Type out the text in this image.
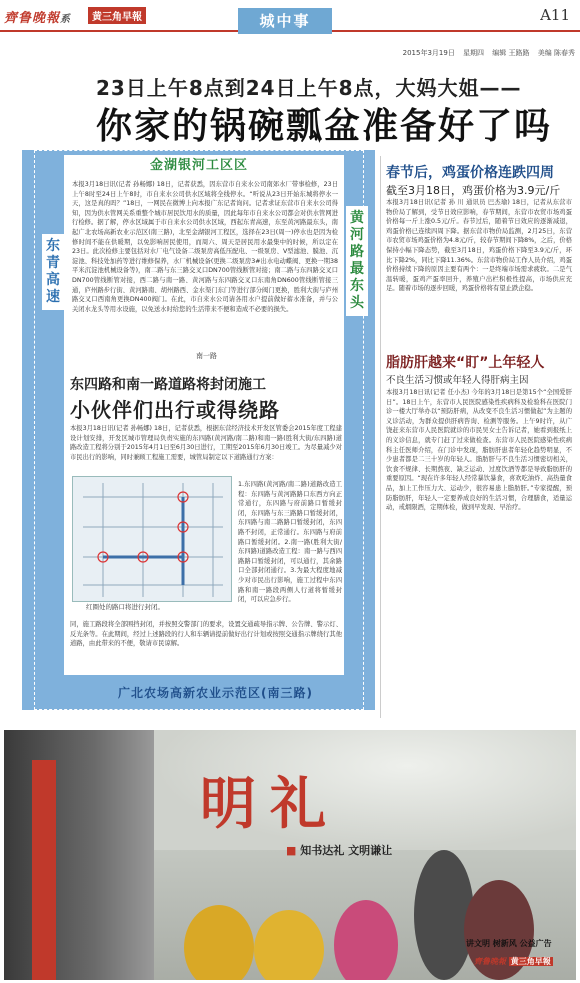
齊鲁晚報系	黄三角早報	A11
城中事
2015年3月19日 星期四 编辑 王路路 美编 陈春秀
23日上午8点到24日上午8点，大妈大姐——
你家的锅碗瓢盆准备好了吗
金湖银河工区区
东青高速
黄河路最东头
本报3月18日讯(记者 孙畅娜) 18日，记者获悉，因东营市自来水公司南郊水厂带事检修，23日上午8时至24日上午8时，市自来水公司供水区域将全线停水。“听说从23日开始东城将停水一天，这是真的吗？”18日，一网民在微博上向本报广东记者询问。记者求证东营市自来水公司得知，因为供水管网关系重整个城市居民饮用水的质量，因此每年市自来水公司都会对供水管网进行检修。据了解，停水区域属于市自来水公司供水区域，西起东青高速，东至黄河路最东头，南起广北农场高新农业示范区(南三路)，北至金湖银河工程区，选择在23日(周一)停水也是因为检修时间不能在供暖期，以免影响居民使用，而周六、周天是居民用水最集中的时候，所以定在23日。此次检修主要包括对水厂电气设备二级泵房高低压配电、一级泵房、V型滤池、膜池、沉淀池、科技处加药等进行维修保养，水厂机械设备(更换二级泵房3#出水电动蝶阀、更换一期38平米沉淀池机械设备等)，南二路与东三路交叉口DN700管线断管对接；南二路与东四路交叉口DN700管线断管对接，西二路与南一路、黄河路与东四路交叉口东南角DN600管线断管接三通，庐州路步行街、黄河路南、胡州路西、金水渠门东门等进行部分阀门更换，胜利大街与庐州路交叉口西南角更换DN400阀门。在此，市自来水公司请各用水户提前做好蓄水准备，并与公关闭水龙头等用水设施，以免送水时给您的生活带来不便和造成不必要的损失。
南一路
东四路和南一路道路将封闭施工
小伙伴们出行或得绕路
本报3月18日讯(记者 孙畅娜) 18日，记者获悉，根据东营经济技术开发区管委会2015年度工程建设计划安排，开发区城市管理局负责实施的东四路(黄河路/南二路)和南一路(胜利大街/东四路)道路改造工程将分别于2015年4月1日至6月30日进行，工期至2015年6月30日竣工。为尽量减少对市民出行的影响，同时兼顾工程施工需要，城管局制定以下道路通行方案：
红圈处的路口将进行封闭。
1.东四路(黄河路/南二路)道路改造工程：东四路与黄河路路口东西方向正常通行，东四路与府前路口暂缓封闭，东四路与东三路路口暂缓封闭，东四路与南二路路口暂缓封闭，东四路不封闭，正常通行。东四路与府前路口暂缓封闭。2.南一路(胜利大街/东四路)道路改造工程：南一路与西四路路口暂缓封闭，可以通行，其余路口全部封闭通行。3.为最大程度地减少对市民出行影响，施工过程中东四路和南一路段两侧人行道将暂缓封闭，可以应急步行。
同，施工路段将全部围挡封闭，并按照交警部门的要求，设置交通疏导指示牌、公告牌、警示灯、反光条等。在此期间，经过上述路段的行人和车辆请提前做好出行计划或按照交通指示牌绕行其他道路，由此带来的不便，敬请市民谅解。
广北农场高新农业示范区(南三路)
春节后，鸡蛋价格连跌四周
截至3月18日，鸡蛋价格为3.9元/斤
本报3月18日讯(记者 孙 川 通讯员 巴杰瑜) 18日，记者从东营市物价局了解到，受节日效应影响，春节期间，东营市农贸市场鸡蛋价格每一斤上涨0.5元/斤。春节过后，随着节日效应的逐渐减退，鸡蛋价格已连续四周下降。据东营市物价局监测，2月25日，东营市农贸市场鸡蛋价格为4.8元/斤，较春节期间下降8%，之后，价格保持小幅下降态势，截至3月18日，鸡蛋价格下降至3.9元/斤，环比下降2%，同比下降11.36%。东营市物价局工作人员介绍，鸡蛋价格持续下降的原因主要有两个：一是终端市场需求疲软。二是气温转暖，蛋鸡产蛋率回升，养殖户出栏积极性提高，市场供应充足。随着市场的逐步回暖，鸡蛋价格将有望止跌企稳。
脂肪肝越来“盯”上年轻人
不良生活习惯或年轻人得肝病主因
本报3月18日讯(记者 任小杰) 今年的3月18日是第15个“全国爱肝日”。18日上午，东营市人民医院感染性疾病科及检验科在医院门诊一楼大厅举办以“预防肝病，从改变不良生活习惯做起”为主题的义诊活动，为群众提供肝病咨询、检测等服务。上午9时许，从广饶赶来东营市人民医院就诊的市民吴女士告诉记者，她看到报纸上的义诊信息，就专门赶了过来做检查。东营市人民医院感染性疾病科主任医师介绍，在门诊中发现，脂肪肝患者年轻化趋势明显，不少患者都是二三十岁的年轻人。脂肪肝与不良生活习惯密切相关，饮食不规律、长期熬夜、缺乏运动、过度饮酒等都是导致脂肪肝的重要原因。“现在许多年轻人经常暴饮暴食，喜欢吃油炸、高热量食品，加上工作压力大、运动少，很容易患上脂肪肝。”专家提醒，预防脂肪肝，年轻人一定要养成良好的生活习惯，合理膳食，适量运动，戒烟限酒，定期体检，做到早发现、早治疗。
明礼
■ 知书达礼 文明谦让
讲文明 树新风 公益广告
齊鲁晚報 黄三角早報
